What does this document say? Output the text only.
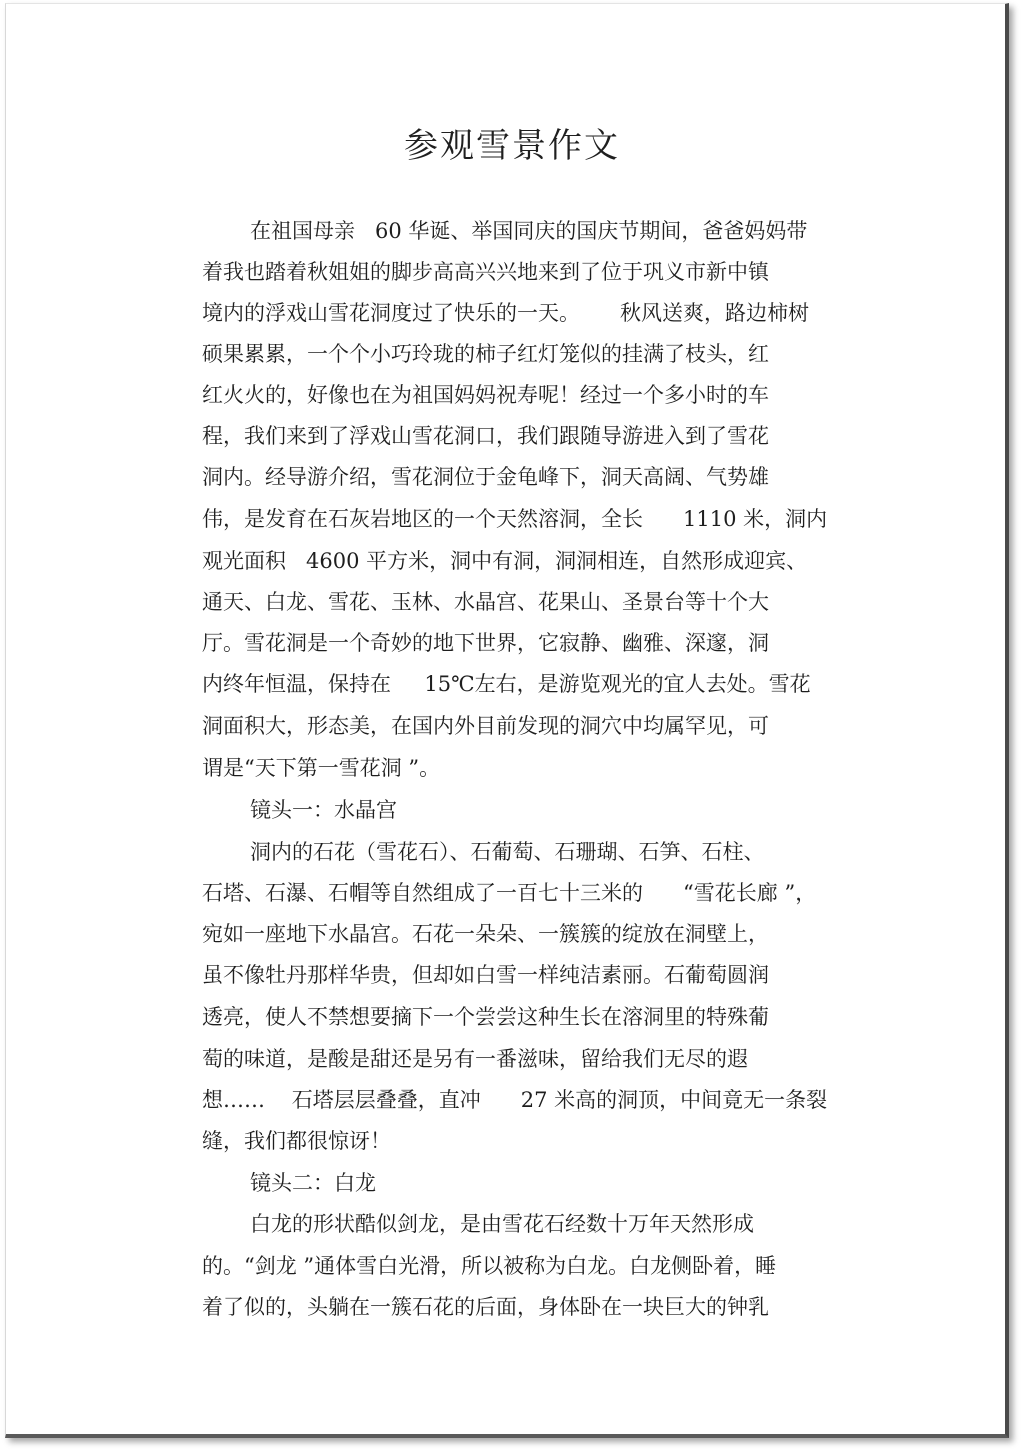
参观雪景作文

在祖国母亲   60 华诞、举国同庆的国庆节期间，爸爸妈妈带

着我也踏着秋姐姐的脚步高高兴兴地来到了位于巩义市新中镇

境内的浮戏山雪花洞度过了快乐的一天。      秋风送爽，路边柿树

硕果累累，一个个小巧玲珑的柿子红灯笼似的挂满了枝头，红

红火火的，好像也在为祖国妈妈祝寿呢！经过一个多小时的车

程，我们来到了浮戏山雪花洞口，我们跟随导游进入到了雪花

洞内。经导游介绍，雪花洞位于金龟峰下，洞天高阔、气势雄

伟，是发育在石灰岩地区的一个天然溶洞，全长      1110 米，洞内

观光面积   4600 平方米，洞中有洞，洞洞相连，自然形成迎宾、

通天、白龙、雪花、玉林、水晶宫、花果山、圣景台等十个大

厅。雪花洞是一个奇妙的地下世界，它寂静、幽雅、深邃，洞

内终年恒温，保持在     15℃左右，是游览观光的宜人去处。雪花

洞面积大，形态美，在国内外目前发现的洞穴中均属罕见，可

谓是“天下第一雪花洞 ”。

镜头一：水晶宫

洞内的石花（雪花石）、石葡萄、石珊瑚、石笋、石柱、

石塔、石瀑、石帽等自然组成了一百七十三米的      “雪花长廊 ”，

宛如一座地下水晶宫。石花一朵朵、一簇簇的绽放在洞壁上，

虽不像牡丹那样华贵，但却如白雪一样纯洁素丽。石葡萄圆润

透亮，使人不禁想要摘下一个尝尝这种生长在溶洞里的特殊葡

萄的味道，是酸是甜还是另有一番滋味，留给我们无尽的遐

想……    石塔层层叠叠，直冲      27 米高的洞顶，中间竟无一条裂

缝，我们都很惊讶！

镜头二：白龙

白龙的形状酷似剑龙，是由雪花石经数十万年天然形成

的。“剑龙 ”通体雪白光滑，所以被称为白龙。白龙侧卧着，睡

着了似的，头躺在一簇石花的后面，身体卧在一块巨大的钟乳
